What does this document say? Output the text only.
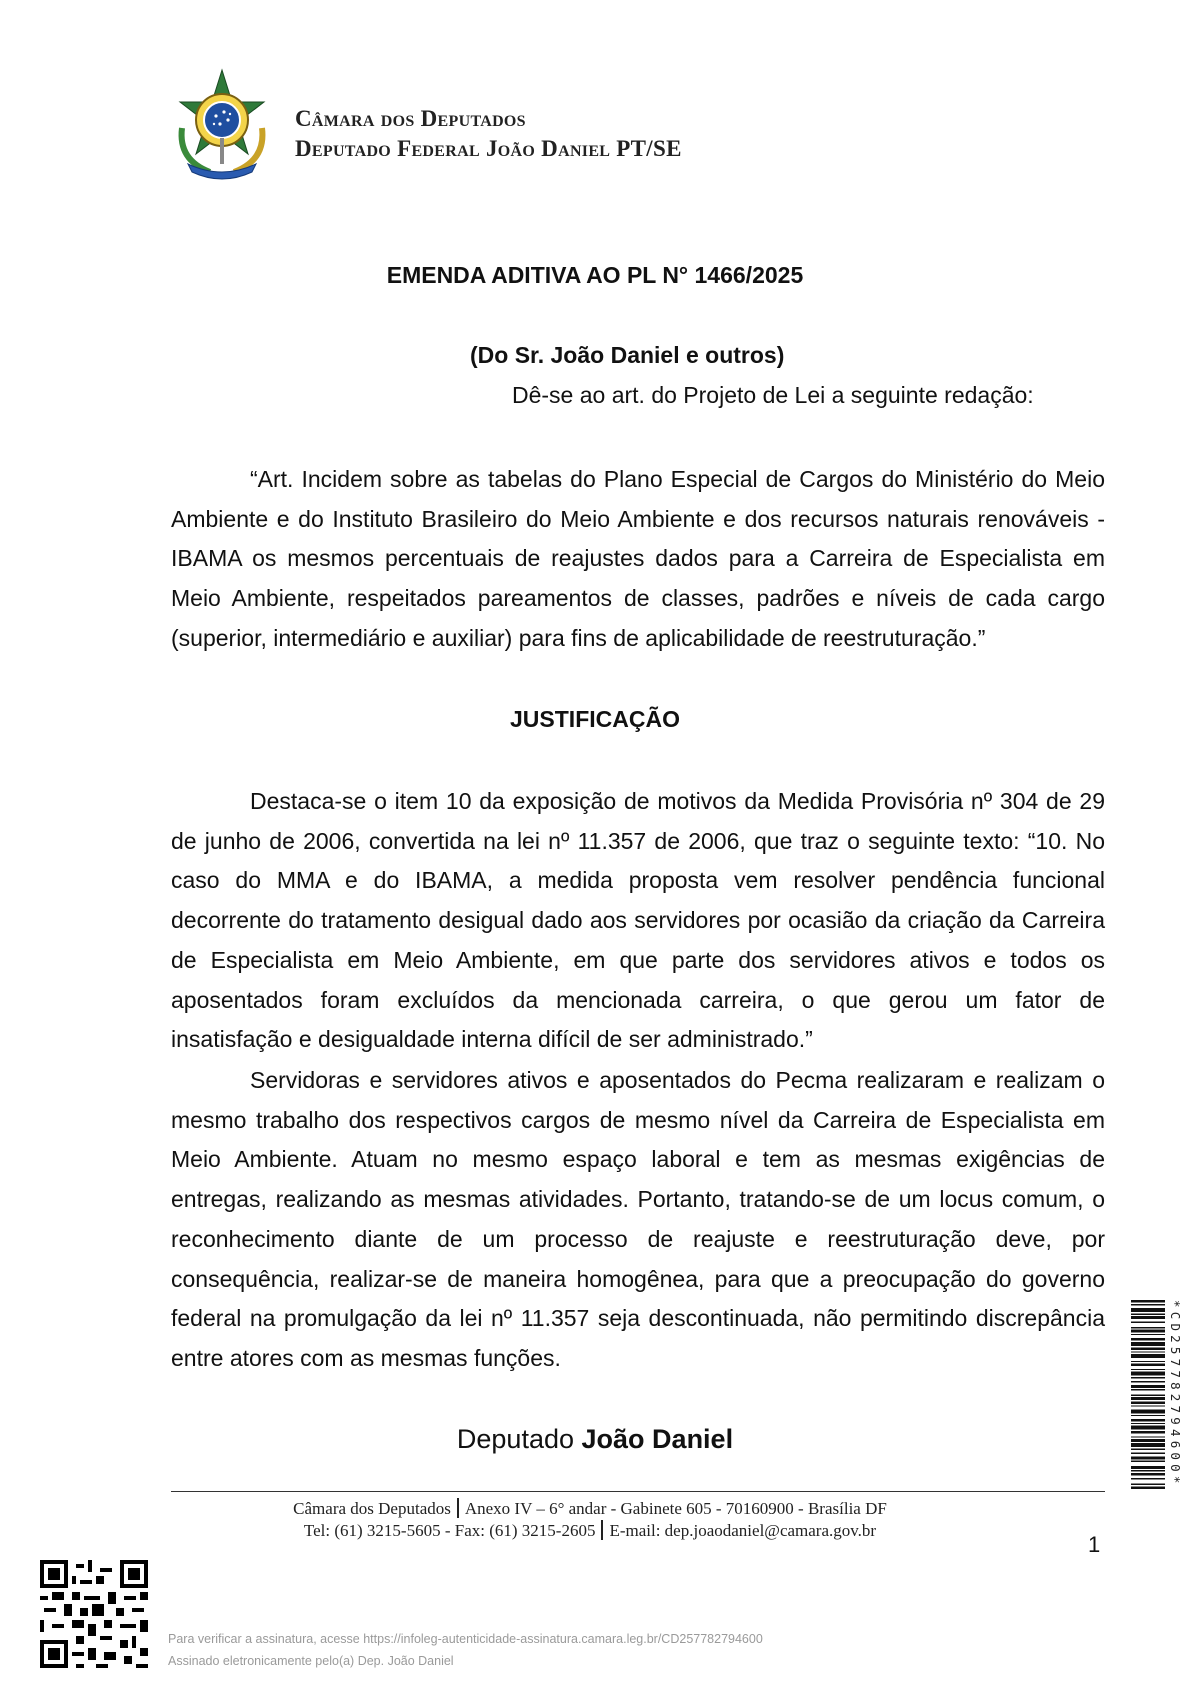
Câmara dos Deputados
Deputado Federal João Daniel PT/SE
EMENDA ADITIVA AO PL N° 1466/2025
(Do Sr. João Daniel e outros)
Dê-se ao art. do Projeto de Lei a seguinte redação:
“Art. Incidem sobre as tabelas do Plano Especial de Cargos do Ministério do Meio Ambiente e do Instituto Brasileiro do Meio Ambiente e dos recursos naturais renováveis - IBAMA os mesmos percentuais de reajustes dados para a Carreira de Especialista em Meio Ambiente, respeitados pareamentos de classes, padrões e níveis de cada cargo (superior, intermediário e auxiliar) para fins de aplicabilidade de reestruturação.”
JUSTIFICAÇÃO
Destaca-se o item 10 da exposição de motivos da Medida Provisória nº 304 de 29 de junho de 2006, convertida na lei nº 11.357 de 2006, que traz o seguinte texto: “10. No caso do MMA e do IBAMA, a medida proposta vem resolver pendência funcional decorrente do tratamento desigual dado aos servidores por ocasião da criação da Carreira de Especialista em Meio Ambiente, em que parte dos servidores ativos e todos os aposentados foram excluídos da mencionada carreira, o que gerou um fator de insatisfação e desigualdade interna difícil de ser administrado.”
Servidoras e servidores ativos e aposentados do Pecma realizaram e realizam o mesmo trabalho dos respectivos cargos de mesmo nível da Carreira de Especialista em Meio Ambiente. Atuam no mesmo espaço laboral e tem as mesmas exigências de entregas, realizando as mesmas atividades. Portanto, tratando-se de um locus comum, o reconhecimento diante de um processo de reajuste e reestruturação deve, por consequência, realizar-se de maneira homogênea, para que a preocupação do governo federal na promulgação da lei nº 11.357 seja descontinuada, não permitindo discrepância entre atores com as mesmas funções.
Deputado João Daniel
Câmara dos Deputados Anexo IV – 6° andar - Gabinete 605 - 70160900 - Brasília DF
Tel: (61) 3215-5605 - Fax: (61) 3215-2605 E-mail: dep.joaodaniel@camara.gov.br
1
Para verificar a assinatura, acesse https://infoleg-autenticidade-assinatura.camara.leg.br/CD257782794600
Assinado eletronicamente pelo(a) Dep. João Daniel
*CD257782794600*
